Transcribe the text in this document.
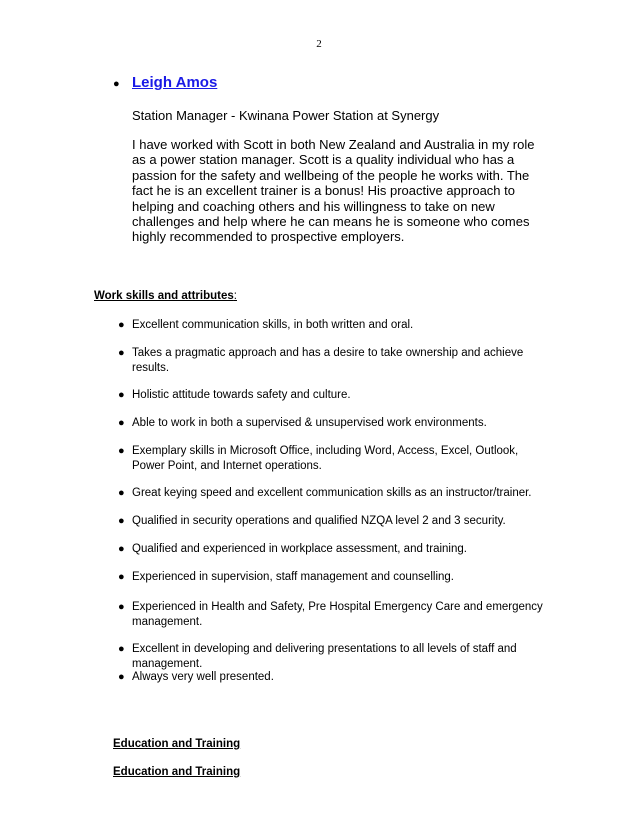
2
● Leigh Amos
Station Manager - Kwinana Power Station at Synergy

I have worked with Scott in both New Zealand and Australia in my role as a power station manager. Scott is a quality individual who has a passion for the safety and wellbeing of the people he works with. The fact he is an excellent trainer is a bonus! His proactive approach to helping and coaching others and his willingness to take on new challenges and help where he can means he is someone who comes highly recommended to prospective employers.

Work skills and attributes:
● Excellent communication skills, in both written and oral.
● Takes a pragmatic approach and has a desire to take ownership and achieve results.
● Holistic attitude towards safety and culture.
● Able to work in both a supervised & unsupervised work environments.
● Exemplary skills in Microsoft Office, including Word, Access, Excel, Outlook, Power Point, and Internet operations.
● Great keying speed and excellent communication skills as an instructor/trainer.
● Qualified in security operations and qualified NZQA level 2 and 3 security.
● Qualified and experienced in workplace assessment, and training.
● Experienced in supervision, staff management and counselling.
● Experienced in Health and Safety, Pre Hospital Emergency Care and emergency management.
● Excellent in developing and delivering presentations to all levels of staff and management.
● Always very well presented.
Education and Training
Education and Training
